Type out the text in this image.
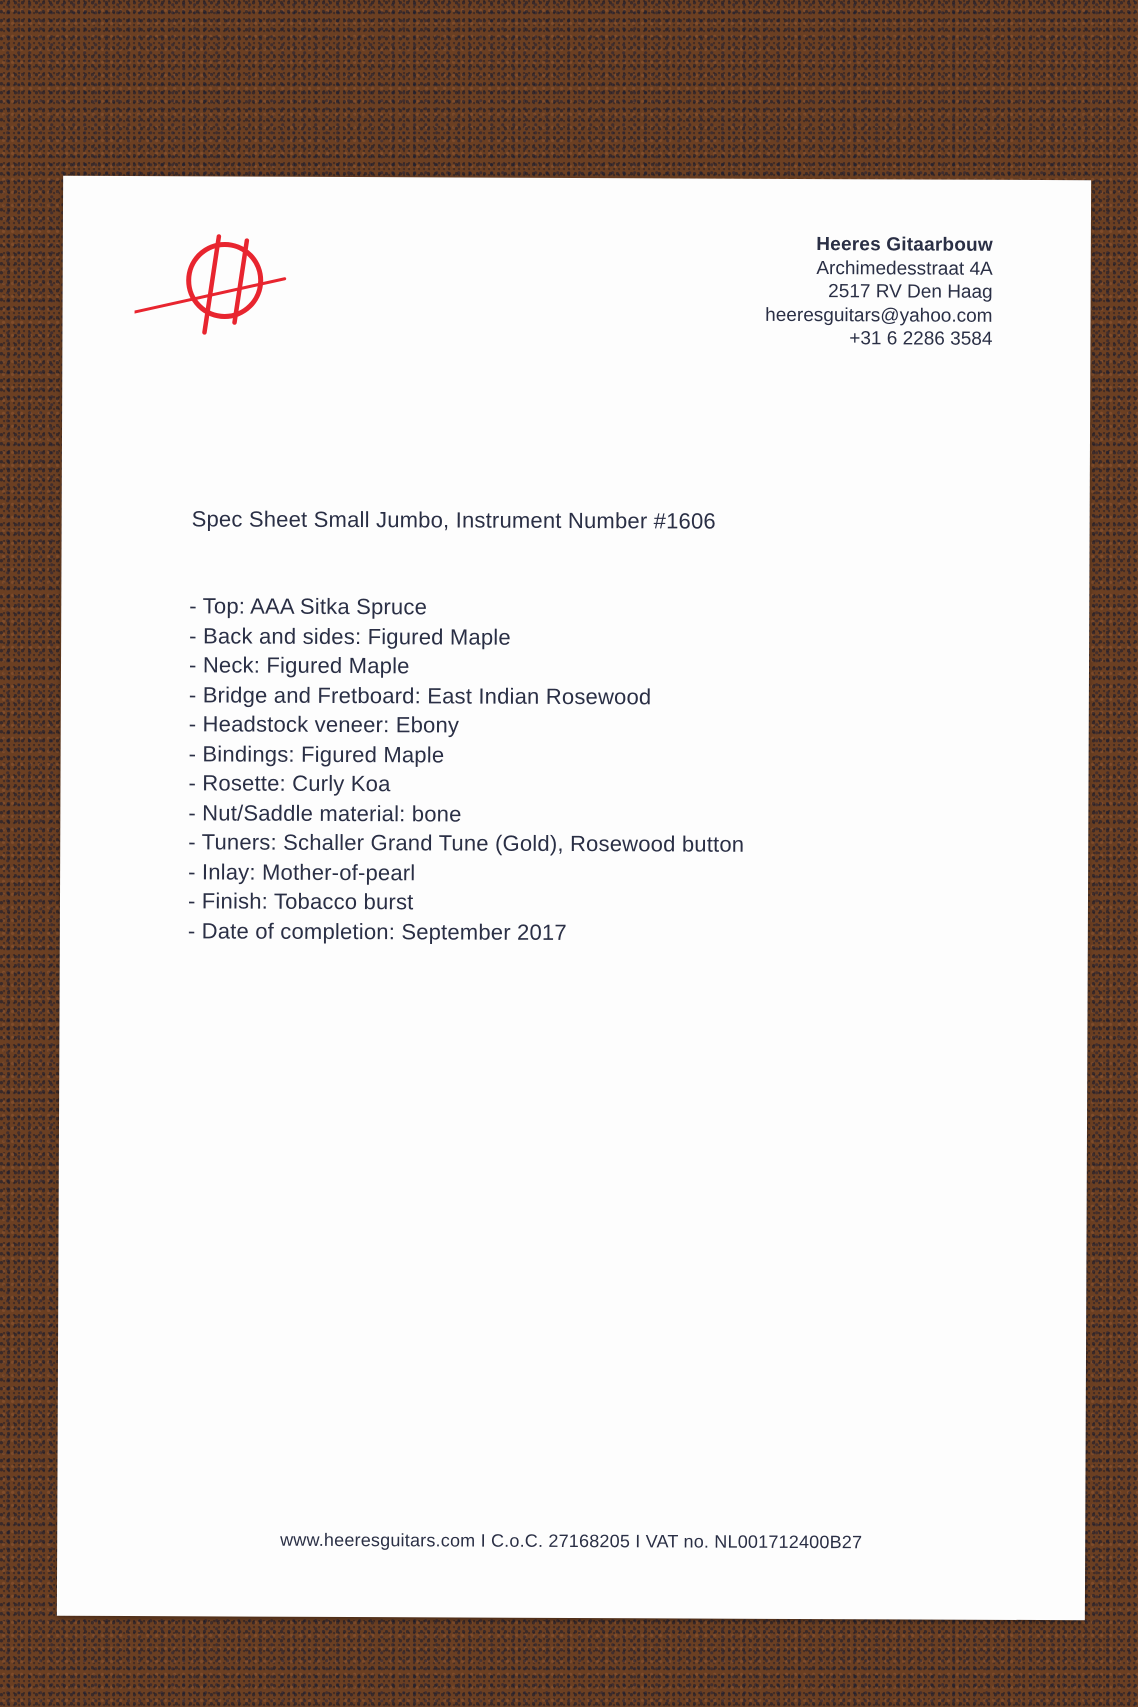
Heeres Gitaarbouw
Archimedesstraat 4A
2517 RV Den Haag
heeresguitars@yahoo.com
+31 6 2286 3584
Spec Sheet Small Jumbo, Instrument Number #1606
- Top: AAA Sitka Spruce
- Back and sides: Figured Maple
- Neck: Figured Maple
- Bridge and Fretboard: East Indian Rosewood
- Headstock veneer: Ebony
- Bindings: Figured Maple
- Rosette: Curly Koa
- Nut/Saddle material: bone
- Tuners: Schaller Grand Tune (Gold), Rosewood button
- Inlay: Mother-of-pearl
- Finish: Tobacco burst
- Date of completion: September 2017
www.heeresguitars.com I C.o.C. 27168205 I VAT no. NL001712400B27
